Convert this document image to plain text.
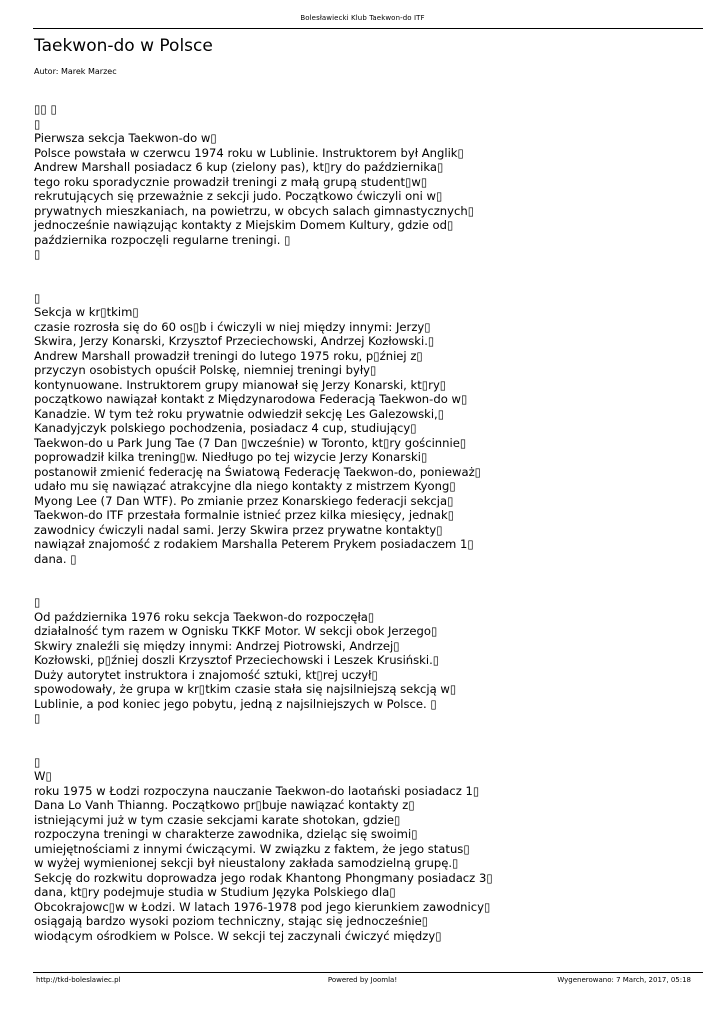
Bolesławiecki Klub Taekwon-do ITF
Taekwon-do w Polsce
Autor: Marek Marzec
▯▯ ▯
▯
Pierwsza sekcja Taekwon-do w▯
Polsce powstała w czerwcu 1974 roku w Lublinie. Instruktorem był Anglik▯
Andrew Marshall posiadacz 6 kup (zielony pas), kt▯ry do października▯
tego roku sporadycznie prowadził treningi z małą grupą student▯w▯
rekrutujących się przeważnie z sekcji judo. Początkowo ćwiczyli oni w▯
prywatnych mieszkaniach, na powietrzu, w obcych salach gimnastycznych▯
jednocześnie nawiązując kontakty z Miejskim Domem Kultury, gdzie od▯
października rozpoczęli regularne treningi. ▯
▯
▯
Sekcja w kr▯tkim▯
czasie rozrosła się do 60 os▯b i ćwiczyli w niej między innymi: Jerzy▯
Skwira, Jerzy Konarski, Krzysztof Przeciechowski, Andrzej Kozłowski.▯
Andrew Marshall prowadził treningi do lutego 1975 roku, p▯źniej z▯
przyczyn osobistych opuścił Polskę, niemniej treningi były▯
kontynuowane. Instruktorem grupy mianował się Jerzy Konarski, kt▯ry▯
początkowo nawiązał kontakt z Międzynarodowa Federacją Taekwon-do w▯
Kanadzie. W tym też roku prywatnie odwiedził sekcję Les Galezowski,▯
Kanadyjczyk polskiego pochodzenia, posiadacz 4 cup, studiujący▯
Taekwon-do u Park Jung Tae (7 Dan ▯wcześnie) w Toronto, kt▯ry gościnnie▯
poprowadził kilka trening▯w. Niedługo po tej wizycie Jerzy Konarski▯
postanowił zmienić federację na Światową Federację Taekwon-do, ponieważ▯
udało mu się nawiązać atrakcyjne dla niego kontakty z mistrzem Kyong▯
Myong Lee (7 Dan WTF). Po zmianie przez Konarskiego federacji sekcja▯
Taekwon-do ITF przestała formalnie istnieć przez kilka miesięcy, jednak▯
zawodnicy ćwiczyli nadal sami. Jerzy Skwira przez prywatne kontakty▯
nawiązał znajomość z rodakiem Marshalla Peterem Prykem posiadaczem 1▯
dana. ▯
▯
Od października 1976 roku sekcja Taekwon-do rozpoczęła▯
działalność tym razem w Ognisku TKKF Motor. W sekcji obok Jerzego▯
Skwiry znaleźli się między innymi: Andrzej Piotrowski, Andrzej▯
Kozłowski, p▯źniej doszli Krzysztof Przeciechowski i Leszek Krusiński.▯
Duży autorytet instruktora i znajomość sztuki, kt▯rej uczył▯
spowodowały, że grupa w kr▯tkim czasie stała się najsilniejszą sekcją w▯
Lublinie, a pod koniec jego pobytu, jedną z najsilniejszych w Polsce. ▯
▯
▯
W▯
roku 1975 w Łodzi rozpoczyna nauczanie Taekwon-do laotański posiadacz 1▯
Dana Lo Vanh Thianng. Początkowo pr▯buje nawiązać kontakty z▯
istniejącymi już w tym czasie sekcjami karate shotokan, gdzie▯
rozpoczyna treningi w charakterze zawodnika, dzieląc się swoimi▯
umiejętnościami z innymi ćwiczącymi. W związku z faktem, że jego status▯
w wyżej wymienionej sekcji był nieustalony zakłada samodzielną grupę.▯
Sekcję do rozkwitu doprowadza jego rodak Khantong Phongmany posiadacz 3▯
dana, kt▯ry podejmuje studia w Studium Języka Polskiego dla▯
Obcokrajowc▯w w Łodzi. W latach 1976-1978 pod jego kierunkiem zawodnicy▯
osiągają bardzo wysoki poziom techniczny, stając się jednocześnie▯
wiodącym ośrodkiem w Polsce. W sekcji tej zaczynali ćwiczyć między▯
http://tkd-boleslawiec.pl	Powered by Joomla!	Wygenerowano: 7 March, 2017, 05:18
